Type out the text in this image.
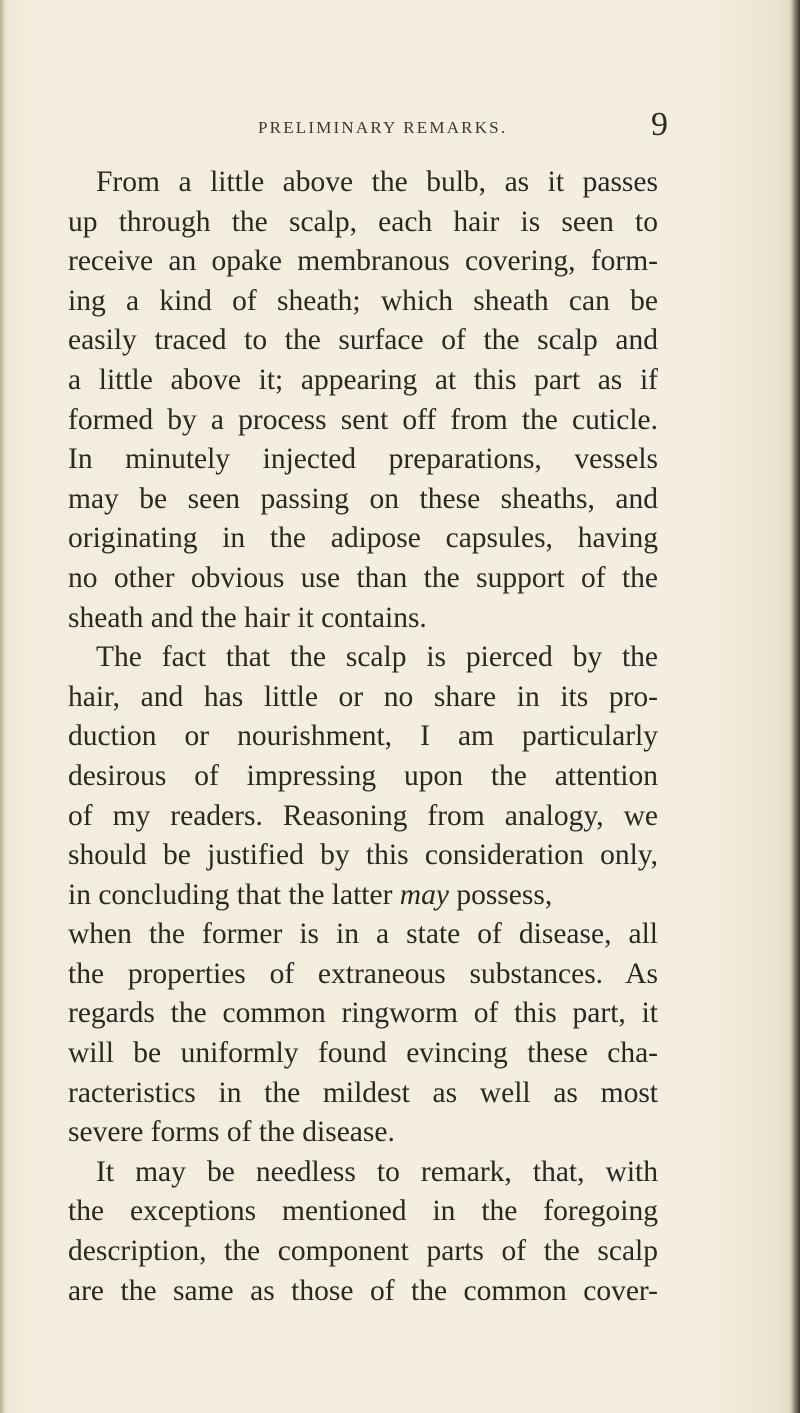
PRELIMINARY REMARKS.	9
From a little above the bulb, as it passes
up through the scalp, each hair is seen to
receive an opake membranous covering, form-
ing a kind of sheath; which sheath can be
easily traced to the surface of the scalp and
a little above it; appearing at this part as if
formed by a process sent off from the cuticle.
In minutely injected preparations, vessels
may be seen passing on these sheaths, and
originating in the adipose capsules, having
no other obvious use than the support of the
sheath and the hair it contains.
The fact that the scalp is pierced by the
hair, and has little or no share in its pro-
duction or nourishment, I am particularly
desirous of impressing upon the attention
of my readers. Reasoning from analogy, we
should be justified by this consideration only,
in concluding that the latter may possess,
when the former is in a state of disease, all
the properties of extraneous substances. As
regards the common ringworm of this part, it
will be uniformly found evincing these cha-
racteristics in the mildest as well as most
severe forms of the disease.
It may be needless to remark, that, with
the exceptions mentioned in the foregoing
description, the component parts of the scalp
are the same as those of the common cover-
